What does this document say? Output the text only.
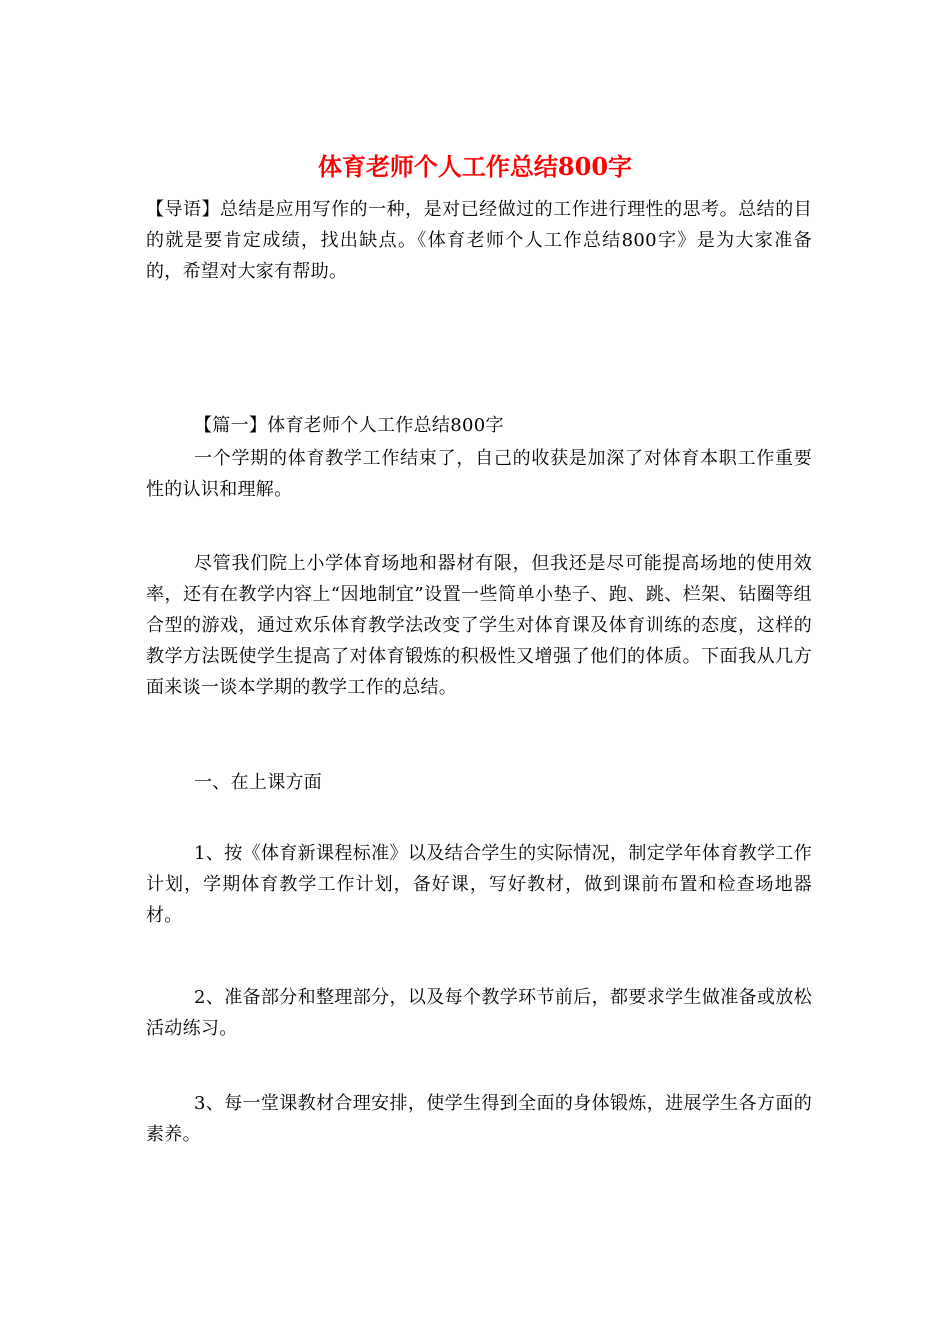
体育老师个人工作总结800字

【导语】总结是应用写作的一种，是对已经做过的工作进行理性的思考。总结的目的就是要肯定成绩，找出缺点。《体育老师个人工作总结800字》是为大家准备的，希望对大家有帮助。

【篇一】体育老师个人工作总结800字

一个学期的体育教学工作结束了，自己的收获是加深了对体育本职工作重要性的认识和理解。

尽管我们院上小学体育场地和器材有限，但我还是尽可能提高场地的使用效率，还有在教学内容上“因地制宜”设置一些简单小垫子、跑、跳、栏架、钻圈等组合型的游戏，通过欢乐体育教学法改变了学生对体育课及体育训练的态度，这样的教学方法既使学生提高了对体育锻炼的积极性又增强了他们的体质。下面我从几方面来谈一谈本学期的教学工作的总结。

一、在上课方面

1、按《体育新课程标准》以及结合学生的实际情况，制定学年体育教学工作计划，学期体育教学工作计划，备好课，写好教材，做到课前布置和检查场地器材。

2、准备部分和整理部分，以及每个教学环节前后，都要求学生做准备或放松活动练习。

3、每一堂课教材合理安排，使学生得到全面的身体锻炼，进展学生各方面的素养。
